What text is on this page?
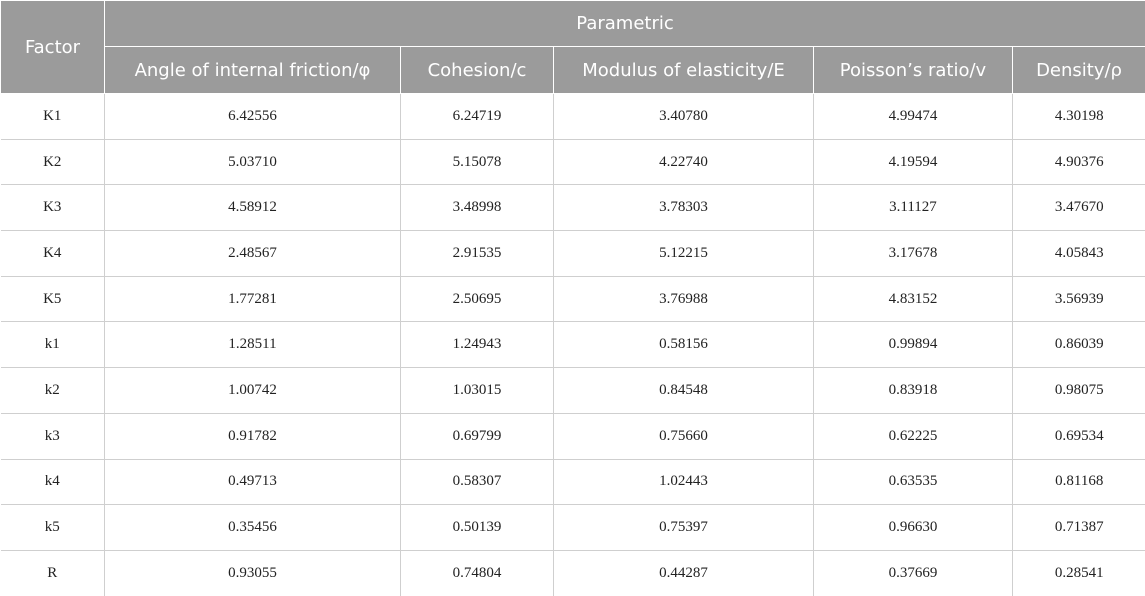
Factor	Parametric				
	Angle of internal friction/φ	Cohesion/c	Modulus of elasticity/E	Poisson’s ratio/v	Density/ρ
K1	6.42556	6.24719	3.40780	4.99474	4.30198
K2	5.03710	5.15078	4.22740	4.19594	4.90376
K3	4.58912	3.48998	3.78303	3.11127	3.47670
K4	2.48567	2.91535	5.12215	3.17678	4.05843
K5	1.77281	2.50695	3.76988	4.83152	3.56939
k1	1.28511	1.24943	0.58156	0.99894	0.86039
k2	1.00742	1.03015	0.84548	0.83918	0.98075
k3	0.91782	0.69799	0.75660	0.62225	0.69534
k4	0.49713	0.58307	1.02443	0.63535	0.81168
k5	0.35456	0.50139	0.75397	0.96630	0.71387
R	0.93055	0.74804	0.44287	0.37669	0.28541
